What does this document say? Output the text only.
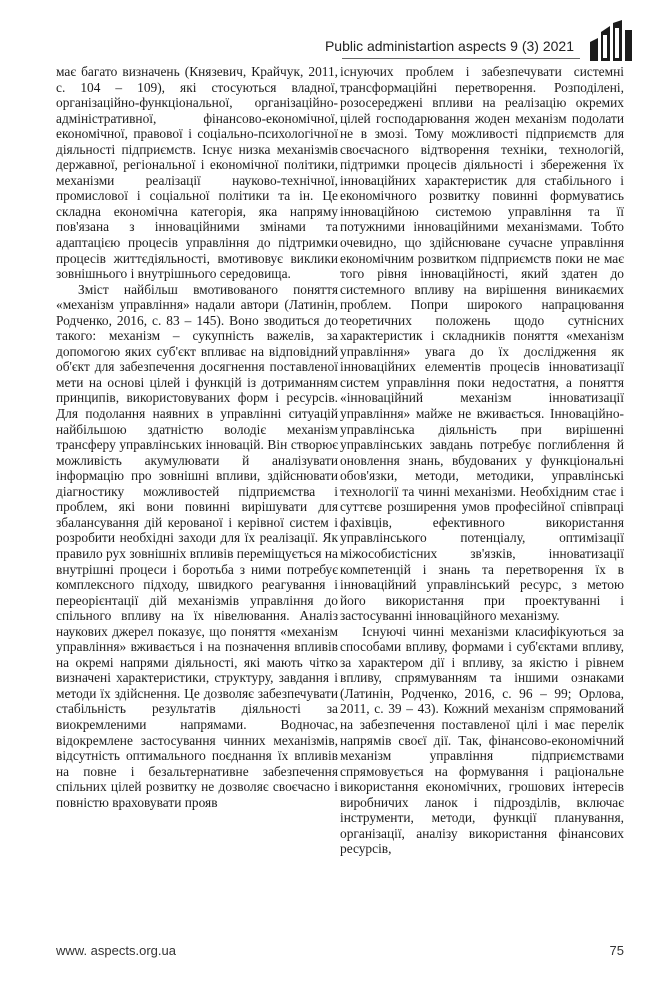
Public administartion aspects 9 (3) 2021

має багато визначень (Князевич, Крайчук, 2011, с. 104 – 109), які стосуються владної, організаційно-функціональної, організаційно-адміністративної, фінансово-економічної, економічної, правової і соціально-психологічної діяльності підприємств. Існує низка механізмів державної, регіональної і економічної політики, механізми реалізації науково-технічної, промислової і соціальної політики та ін. Це складна економічна категорія, яка напряму пов'язана з інноваційними змінами та адаптацією процесів управління до підтримки процесів життєдіяльності, вмотивовує виклики зовнішнього і внутрішнього середовища.

Зміст найбільш вмотивованого поняття «механізм управління» надали автори (Латинін, Родченко, 2016, с. 83 – 145). Воно зводиться до такого: механізм – сукупність важелів, за допомогою яких суб'єкт впливає на відповідний об'єкт для забезпечення досягнення поставленої мети на основі цілей і функцій із дотриманням принципів, використовуваних форм і ресурсів. Для подолання наявних в управлінні ситуацій найбільшою здатністю володіє механізм трансферу управлінських інновацій. Він створює можливість акумулювати й аналізувати інформацію про зовнішні впливи, здійснювати діагностику можливостей підприємства і проблем, які вони повинні вирішувати для збалансування дій керованої і керівної систем і розробити необхідні заходи для їх реалізації. Як правило рух зовнішніх впливів переміщується на внутрішні процеси і боротьба з ними потребує комплексного підходу, швидкого реагування і переорієнтації дій механізмів управління до спільного впливу на їх нівелювання. Аналіз наукових джерел показує, що поняття «механізм управління» вживається і на позначення впливів на окремі напрями діяльності, які мають чітко визначені характеристики, структуру, завдання і методи їх здійснення. Це дозволяє забезпечувати стабільність результатів діяльності за виокремленими напрямами. Водночас, відокремлене застосування чинних механізмів, відсутність оптимального поєднання їх впливів на повне і безальтернативне забезпечення спільних цілей розвитку не дозволяє своєчасно і повністю враховувати прояв

існуючих проблем і забезпечувати системні трансформаційні перетворення. Розподілені, розосереджені впливи на реалізацію окремих цілей господарювання жоден механізм подолати не в змозі. Тому можливості підприємств для своєчасного відтворення техніки, технологій, підтримки процесів діяльності і збереження їх інноваційних характеристик для стабільного і економічного розвитку повинні формуватись інноваційною системою управління та її потужними інноваційними механізмами. Тобто очевидно, що здійснюване сучасне управління економічним розвитком підприємств поки не має того рівня інноваційності, який здатен до системного впливу на вирішення виникаємих проблем. Попри широкого напрацювання теоретичних положень щодо сутнісних характеристик і складників поняття «механізм управління» увага до їх дослідження як інноваційних елементів процесів інноватизації систем управління поки недостатня, а поняття «інноваційний механізм інноватизації управління» майже не вживається. Інноваційно-управлінська діяльність при вирішенні управлінських завдань потребує поглиблення й оновлення знань, вбудованих у функціональні обов'язки, методи, методики, управлінські технології та чинні механізми. Необхідним стає і суттєве розширення умов професійної співпраці фахівців, ефективного використання управлінського потенціалу, оптимізації міжособистісних зв'язків, інноватизації компетенцій і знань та перетворення їх в інноваційний управлінський ресурс, з метою його використання при проектуванні і застосуванні інноваційного механізму.

Існуючі чинні механізми класифікуються за способами впливу, формами і суб'єктами впливу, за характером дії і впливу, за якістю і рівнем впливу, спрямуванням та іншими ознаками (Латинін, Родченко, 2016, с. 96 – 99; Орлова, 2011, с. 39 – 43). Кожний механізм спрямований на забезпечення поставленої цілі і має перелік напрямів своєї дії. Так, фінансово-економічний механізм управління підприємствами спрямовується на формування і раціональне використання економічних, грошових інтересів виробничих ланок і підрозділів, включає інструменти, методи, функції планування, організації, аналізу використання фінансових ресурсів,

www. aspects.org.ua	75
